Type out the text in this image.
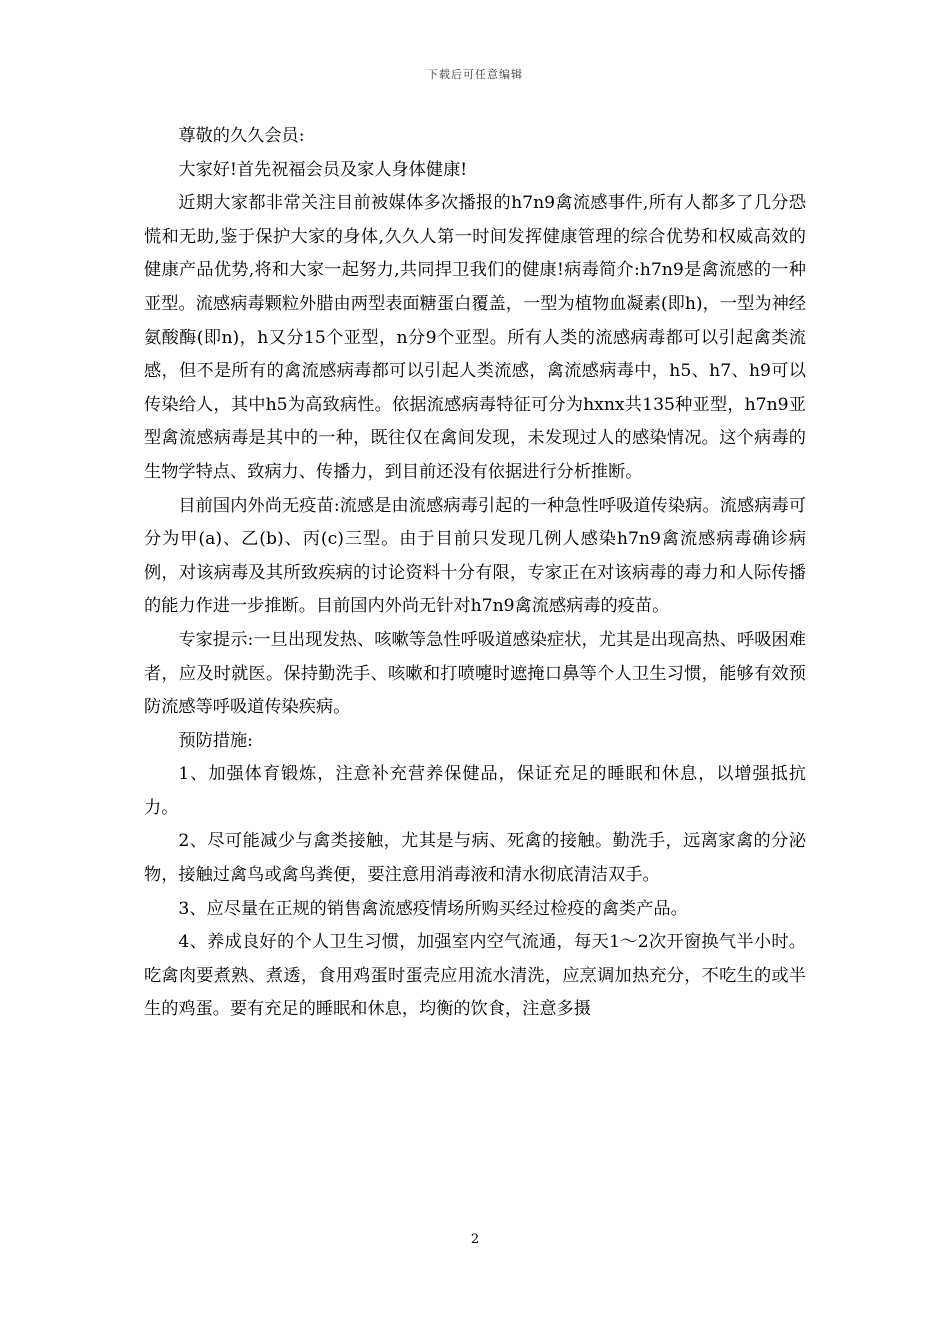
下载后可任意编辑

尊敬的久久会员:

大家好!首先祝福会员及家人身体健康!

近期大家都非常关注目前被媒体多次播报的h7n9禽流感事件,所有人都多了几分恐慌和无助,鉴于保护大家的身体,久久人第一时间发挥健康管理的综合优势和权威高效的健康产品优势,将和大家一起努力,共同捍卫我们的健康!病毒简介:h7n9是禽流感的一种亚型。流感病毒颗粒外腊由两型表面糖蛋白覆盖，一型为植物血凝素(即h)，一型为神经氨酸酶(即n)，h又分15个亚型，n分9个亚型。所有人类的流感病毒都可以引起禽类流感，但不是所有的禽流感病毒都可以引起人类流感，禽流感病毒中，h5、h7、h9可以传染给人，其中h5为高致病性。依据流感病毒特征可分为hxnx共135种亚型，h7n9亚型禽流感病毒是其中的一种，既往仅在禽间发现，未发现过人的感染情况。这个病毒的生物学特点、致病力、传播力，到目前还没有依据进行分析推断。

目前国内外尚无疫苗:流感是由流感病毒引起的一种急性呼吸道传染病。流感病毒可分为甲(a)、乙(b)、丙(c)三型。由于目前只发现几例人感染h7n9禽流感病毒确诊病例，对该病毒及其所致疾病的讨论资料十分有限，专家正在对该病毒的毒力和人际传播的能力作进一步推断。目前国内外尚无针对h7n9禽流感病毒的疫苗。

专家提示:一旦出现发热、咳嗽等急性呼吸道感染症状，尤其是出现高热、呼吸困难者，应及时就医。保持勤洗手、咳嗽和打喷嚏时遮掩口鼻等个人卫生习惯，能够有效预防流感等呼吸道传染疾病。

预防措施:

1、加强体育锻炼，注意补充营养保健品，保证充足的睡眠和休息，以增强抵抗力。

2、尽可能减少与禽类接触，尤其是与病、死禽的接触。勤洗手，远离家禽的分泌物，接触过禽鸟或禽鸟粪便，要注意用消毒液和清水彻底清洁双手。

3、应尽量在正规的销售禽流感疫情场所购买经过检疫的禽类产品。

4、养成良好的个人卫生习惯，加强室内空气流通，每天1～2次开窗换气半小时。吃禽肉要煮熟、煮透，食用鸡蛋时蛋壳应用流水清洗，应烹调加热充分，不吃生的或半生的鸡蛋。要有充足的睡眠和休息，均衡的饮食，注意多摄

2
